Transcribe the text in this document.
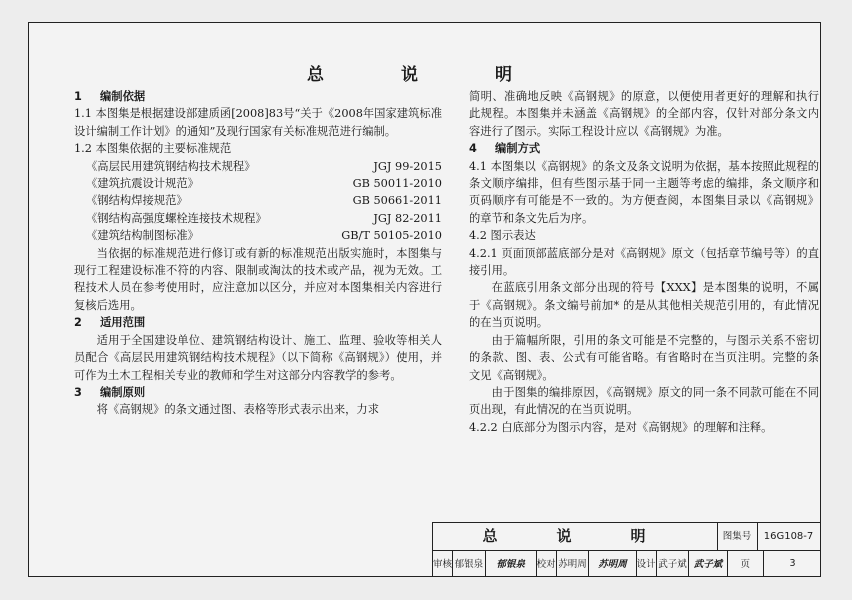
总　说　明

1 编制依据

1.1 本图集是根据建设部建质函[2008]83号“关于《2008年国家建筑标准设计编制工作计划》的通知”及现行国家有关标准规范进行编制。

1.2 本图集依据的主要标准规范

《高层民用建筑钢结构技术规程》	JGJ 99-2015
《建筑抗震设计规范》	GB 50011-2010
《钢结构焊接规范》	GB 50661-2011
《钢结构高强度螺栓连接技术规程》	JGJ 82-2011
《建筑结构制图标准》	GB/T 50105-2010

当依据的标准规范进行修订或有新的标准规范出版实施时，本图集与现行工程建设标准不符的内容、限制或淘汰的技术或产品，视为无效。工程技术人员在参考使用时，应注意加以区分，并应对本图集相关内容进行复核后选用。

2 适用范围

适用于全国建设单位、建筑钢结构设计、施工、监理、验收等相关人员配合《高层民用建筑钢结构技术规程》（以下简称《高钢规》）使用，并可作为土木工程相关专业的教师和学生对这部分内容教学的参考。

3 编制原则

将《高钢规》的条文通过图、表格等形式表示出来，力求

简明、准确地反映《高钢规》的原意，以便使用者更好的理解和执行此规程。本图集并未涵盖《高钢规》的全部内容，仅针对部分条文内容进行了图示。实际工程设计应以《高钢规》为准。

4 编制方式

4.1 本图集以《高钢规》的条文及条文说明为依据，基本按照此规程的条文顺序编排，但有些图示基于同一主题等考虑的编排，条文顺序和页码顺序有可能是不一致的。为方便查阅，本图集目录以《高钢规》的章节和条文先后为序。

4.2 图示表达

4.2.1 页面顶部蓝底部分是对《高钢规》原文（包括章节编号等）的直接引用。

在蓝底引用条文部分出现的符号【XXX】是本图集的说明，不属于《高钢规》。条文编号前加* 的是从其他相关规范引用的，有此情况的在当页说明。

由于篇幅所限，引用的条文可能是不完整的，与图示关系不密切的条款、图、表、公式有可能省略。有省略时在当页注明。完整的条文见《高钢规》。

由于图集的编排原因，《高钢规》原文的同一条不同款可能在不同页出现，有此情况的在当页说明。

4.2.2 白底部分为图示内容，是对《高钢规》的理解和注释。

总　说　明	图集号	16G108-7
审核 郁银泉	郁银泉	校对 苏明周	苏明周	设计 武子斌 武子斌	页	3
